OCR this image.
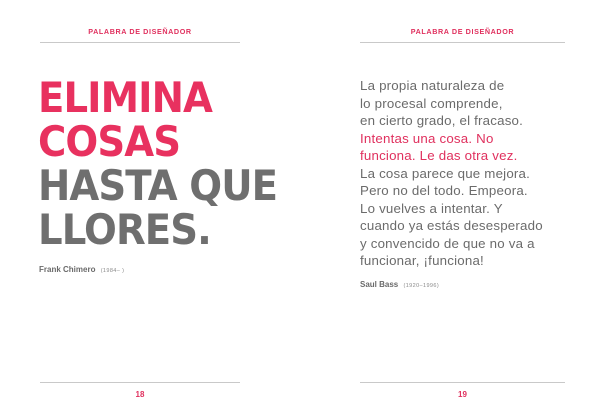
PALABRA DE DISEÑADOR
ELIMINA
COSAS
HASTA QUE
LLORES.
Frank Chimero (1984– )
18
PALABRA DE DISEÑADOR
La propia naturaleza de
lo procesal comprende,
en cierto grado, el fracaso.
Intentas una cosa. No
funciona. Le das otra vez.
La cosa parece que mejora.
Pero no del todo. Empeora.
Lo vuelves a intentar. Y
cuando ya estás desesperado
y convencido de que no va a
funcionar, ¡funciona!
Saul Bass (1920–1996)
19
